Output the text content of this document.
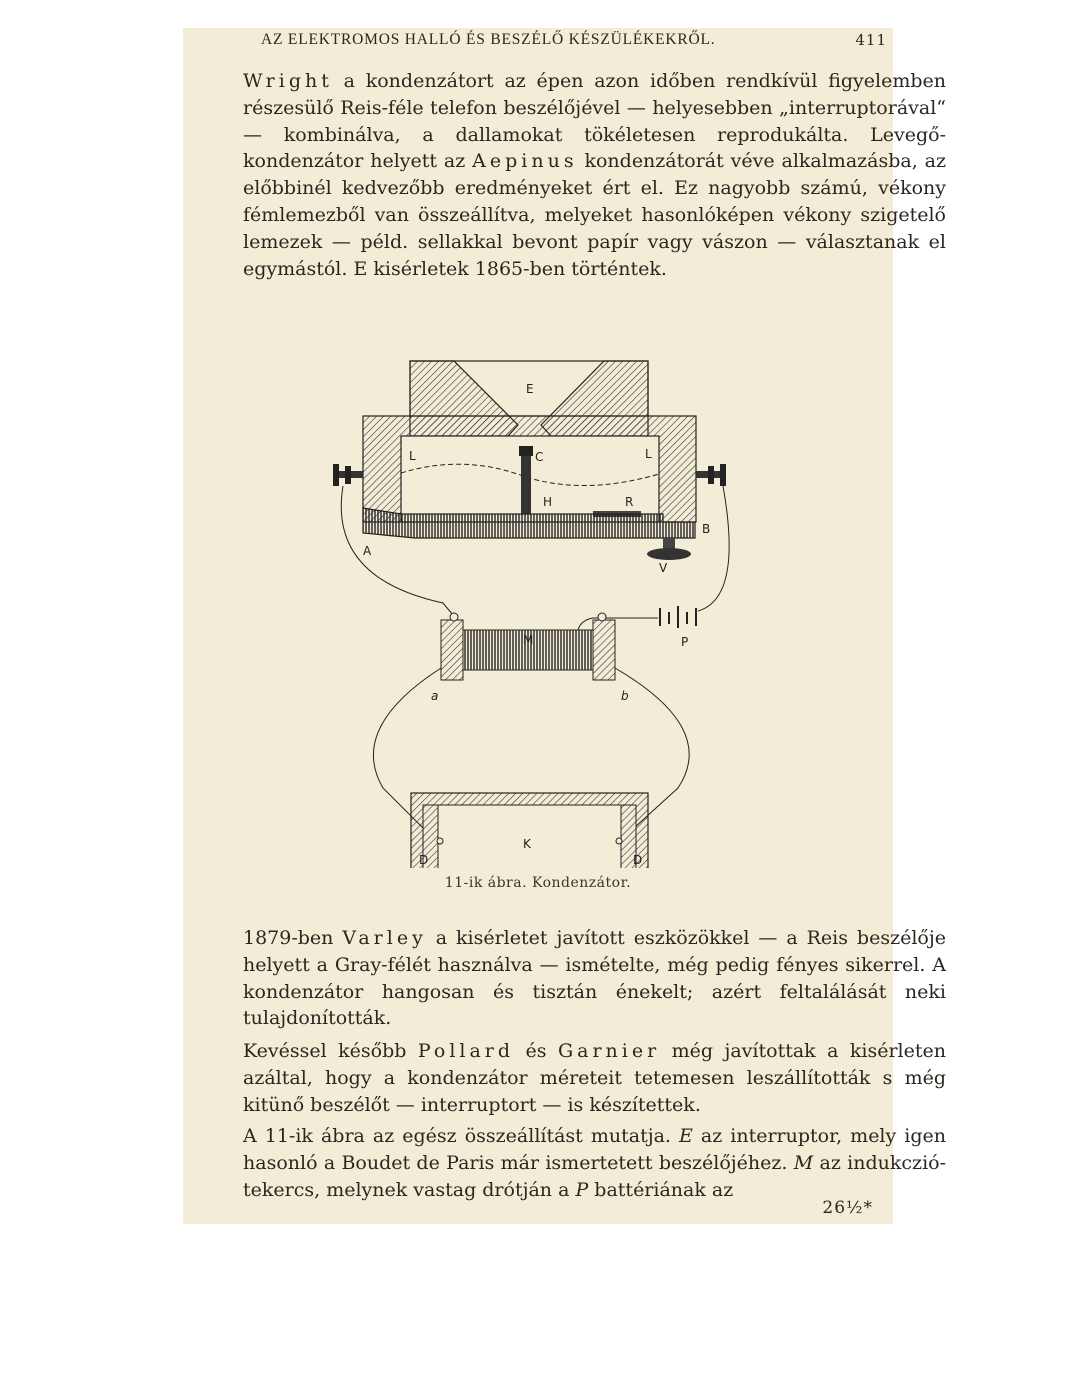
AZ ELEKTROMOS HALLÓ ÉS BESZÉLŐ KÉSZÜLÉKEKRŐL.	411

Wright a kondenzátort az épen azon időben rendkívül figyelemben részesülő Reis-féle telefon beszélőjével — helyesebben „interruptorával“ — kombinálva, a dallamokat tökéletesen reprodukálta. Levegő-kondenzátor helyett az Aepinus kondenzátorát véve alkalmazásba, az előbbinél kedvezőbb eredményeket ért el. Ez nagyobb számú, vékony fémlemezből van összeállítva, melyeket hasonlóképen vékony szigetelő lemezek — péld. sellakkal bevont papír vagy vászon — választanak el egymástól. E kisérletek 1865-ben történtek.

E
L	L
C
H	R
B
A
V
P
M
a	b
K
D	D
11-ik ábra. Kondenzátor.

1879-ben Varley a kisérletet javított eszközökkel — a Reis beszélője helyett a Gray-félét használva — ismételte, még pedig fényes sikerrel. A kondenzátor hangosan és tisztán énekelt; azért feltalálását neki tulajdonították.

Kevéssel később Pollard és Garnier még javítottak a kisérleten azáltal, hogy a kondenzátor méreteit tetemesen leszállították s még kitünő beszélőt — interruptort — is készítettek.

A 11-ik ábra az egész összeállítást mutatja. E az interruptor, mely igen hasonló a Boudet de Paris már ismertetett beszélőjéhez. M az indukczió-tekercs, melynek vastag drótján a P battériának az

26½*
